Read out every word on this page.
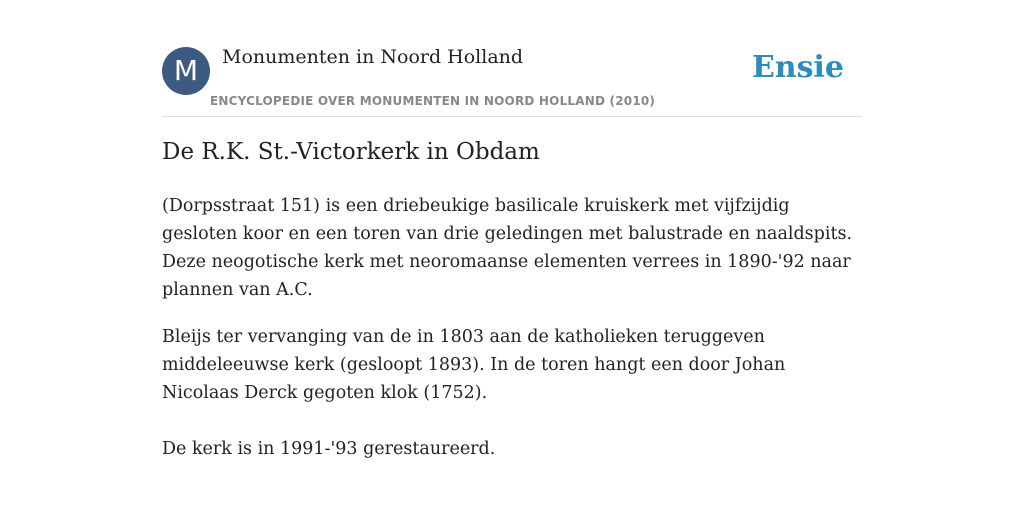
M	Monumenten in Noord Holland
ENCYCLOPEDIE OVER MONUMENTEN IN NOORD HOLLAND (2010)
Ensie
De R.K. St.-Victorkerk in Obdam

(Dorpsstraat 151) is een driebeukige basilicale kruiskerk met vijfzijdig gesloten koor en een toren van drie geledingen met balustrade en naaldspits. Deze neogotische kerk met neoromaanse elementen verrees in 1890-'92 naar plannen van A.C.

Bleijs ter vervanging van de in 1803 aan de katholieken teruggeven middeleeuwse kerk (gesloopt 1893). In de toren hangt een door Johan Nicolaas Derck gegoten klok (1752).

De kerk is in 1991-'93 gerestaureerd.
